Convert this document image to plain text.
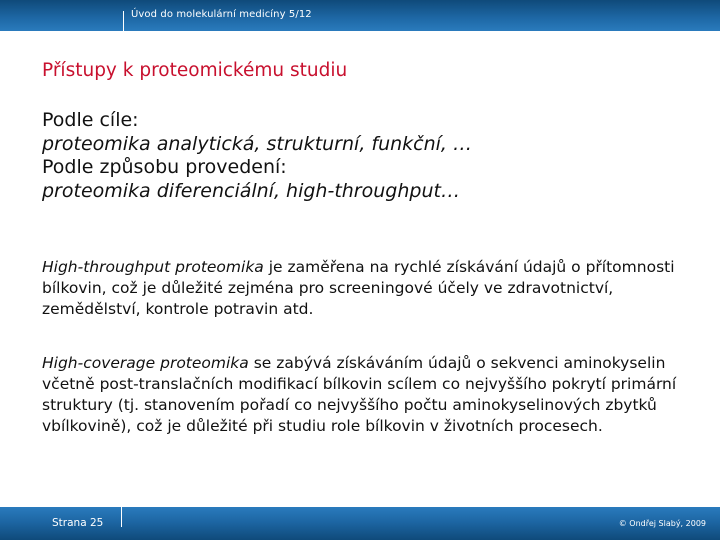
Úvod do molekulární medicíny 5/12
Přístupy k proteomickému studiu
Podle cíle:
proteomika analytická, strukturní, funkční, …
Podle způsobu provedení:
proteomika diferenciální, high-throughput…
High-throughput proteomika je zaměřena na rychlé získávání údajů o přítomnosti bílkovin, což je důležité zejména pro screeningové účely ve zdravotnictví, zemědělství, kontrole potravin atd.
High-coverage proteomika se zabývá získáváním údajů o sekvenci aminokyselin včetně post-translačních modifikací bílkovin scílem co nejvyššího pokrytí primární struktury (tj. stanovením pořadí co nejvyššího počtu aminokyselinových zbytků vbílkovině), což je důležité při studiu role bílkovin v životních procesech.
Strana 25	© Ondřej Slabý, 2009
